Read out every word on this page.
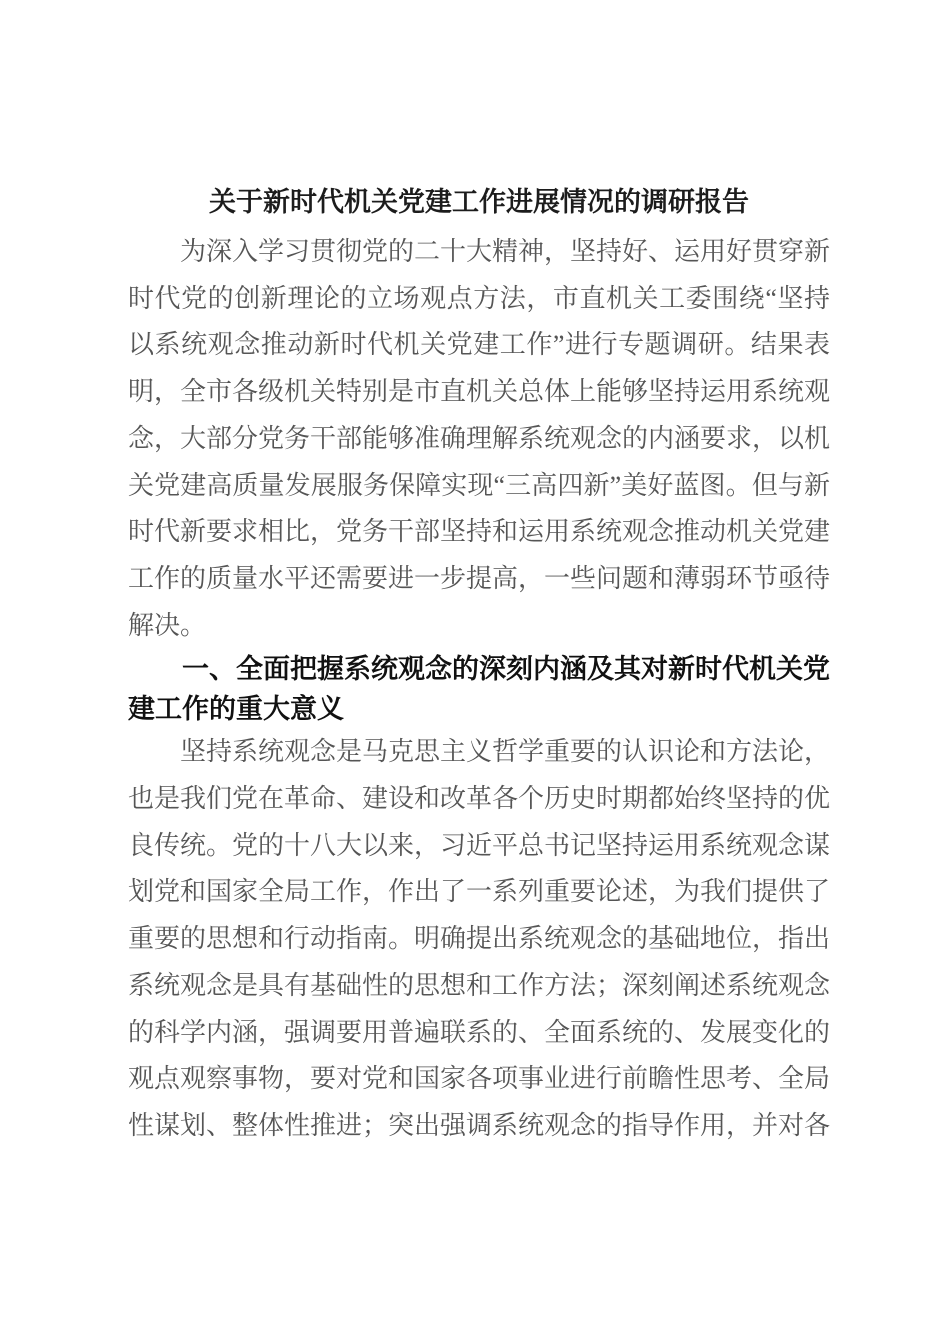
关于新时代机关党建工作进展情况的调研报告

为深入学习贯彻党的二十大精神，坚持好、运用好贯穿新时代党的创新理论的立场观点方法，市直机关工委围绕“坚持以系统观念推动新时代机关党建工作”进行专题调研。结果表明，全市各级机关特别是市直机关总体上能够坚持运用系统观念，大部分党务干部能够准确理解系统观念的内涵要求，以机关党建高质量发展服务保障实现“三高四新”美好蓝图。但与新时代新要求相比，党务干部坚持和运用系统观念推动机关党建工作的质量水平还需要进一步提高，一些问题和薄弱环节亟待解决。

一、全面把握系统观念的深刻内涵及其对新时代机关党建工作的重大意义

坚持系统观念是马克思主义哲学重要的认识论和方法论，也是我们党在革命、建设和改革各个历史时期都始终坚持的优良传统。党的十八大以来，习近平总书记坚持运用系统观念谋划党和国家全局工作，作出了一系列重要论述，为我们提供了重要的思想和行动指南。明确提出系统观念的基础地位，指出系统观念是具有基础性的思想和工作方法；深刻阐述系统观念的科学内涵，强调要用普遍联系的、全面系统的、发展变化的观点观察事物，要对党和国家各项事业进行前瞻性思考、全局性谋划、整体性推进；突出强调系统观念的指导作用，并对各
